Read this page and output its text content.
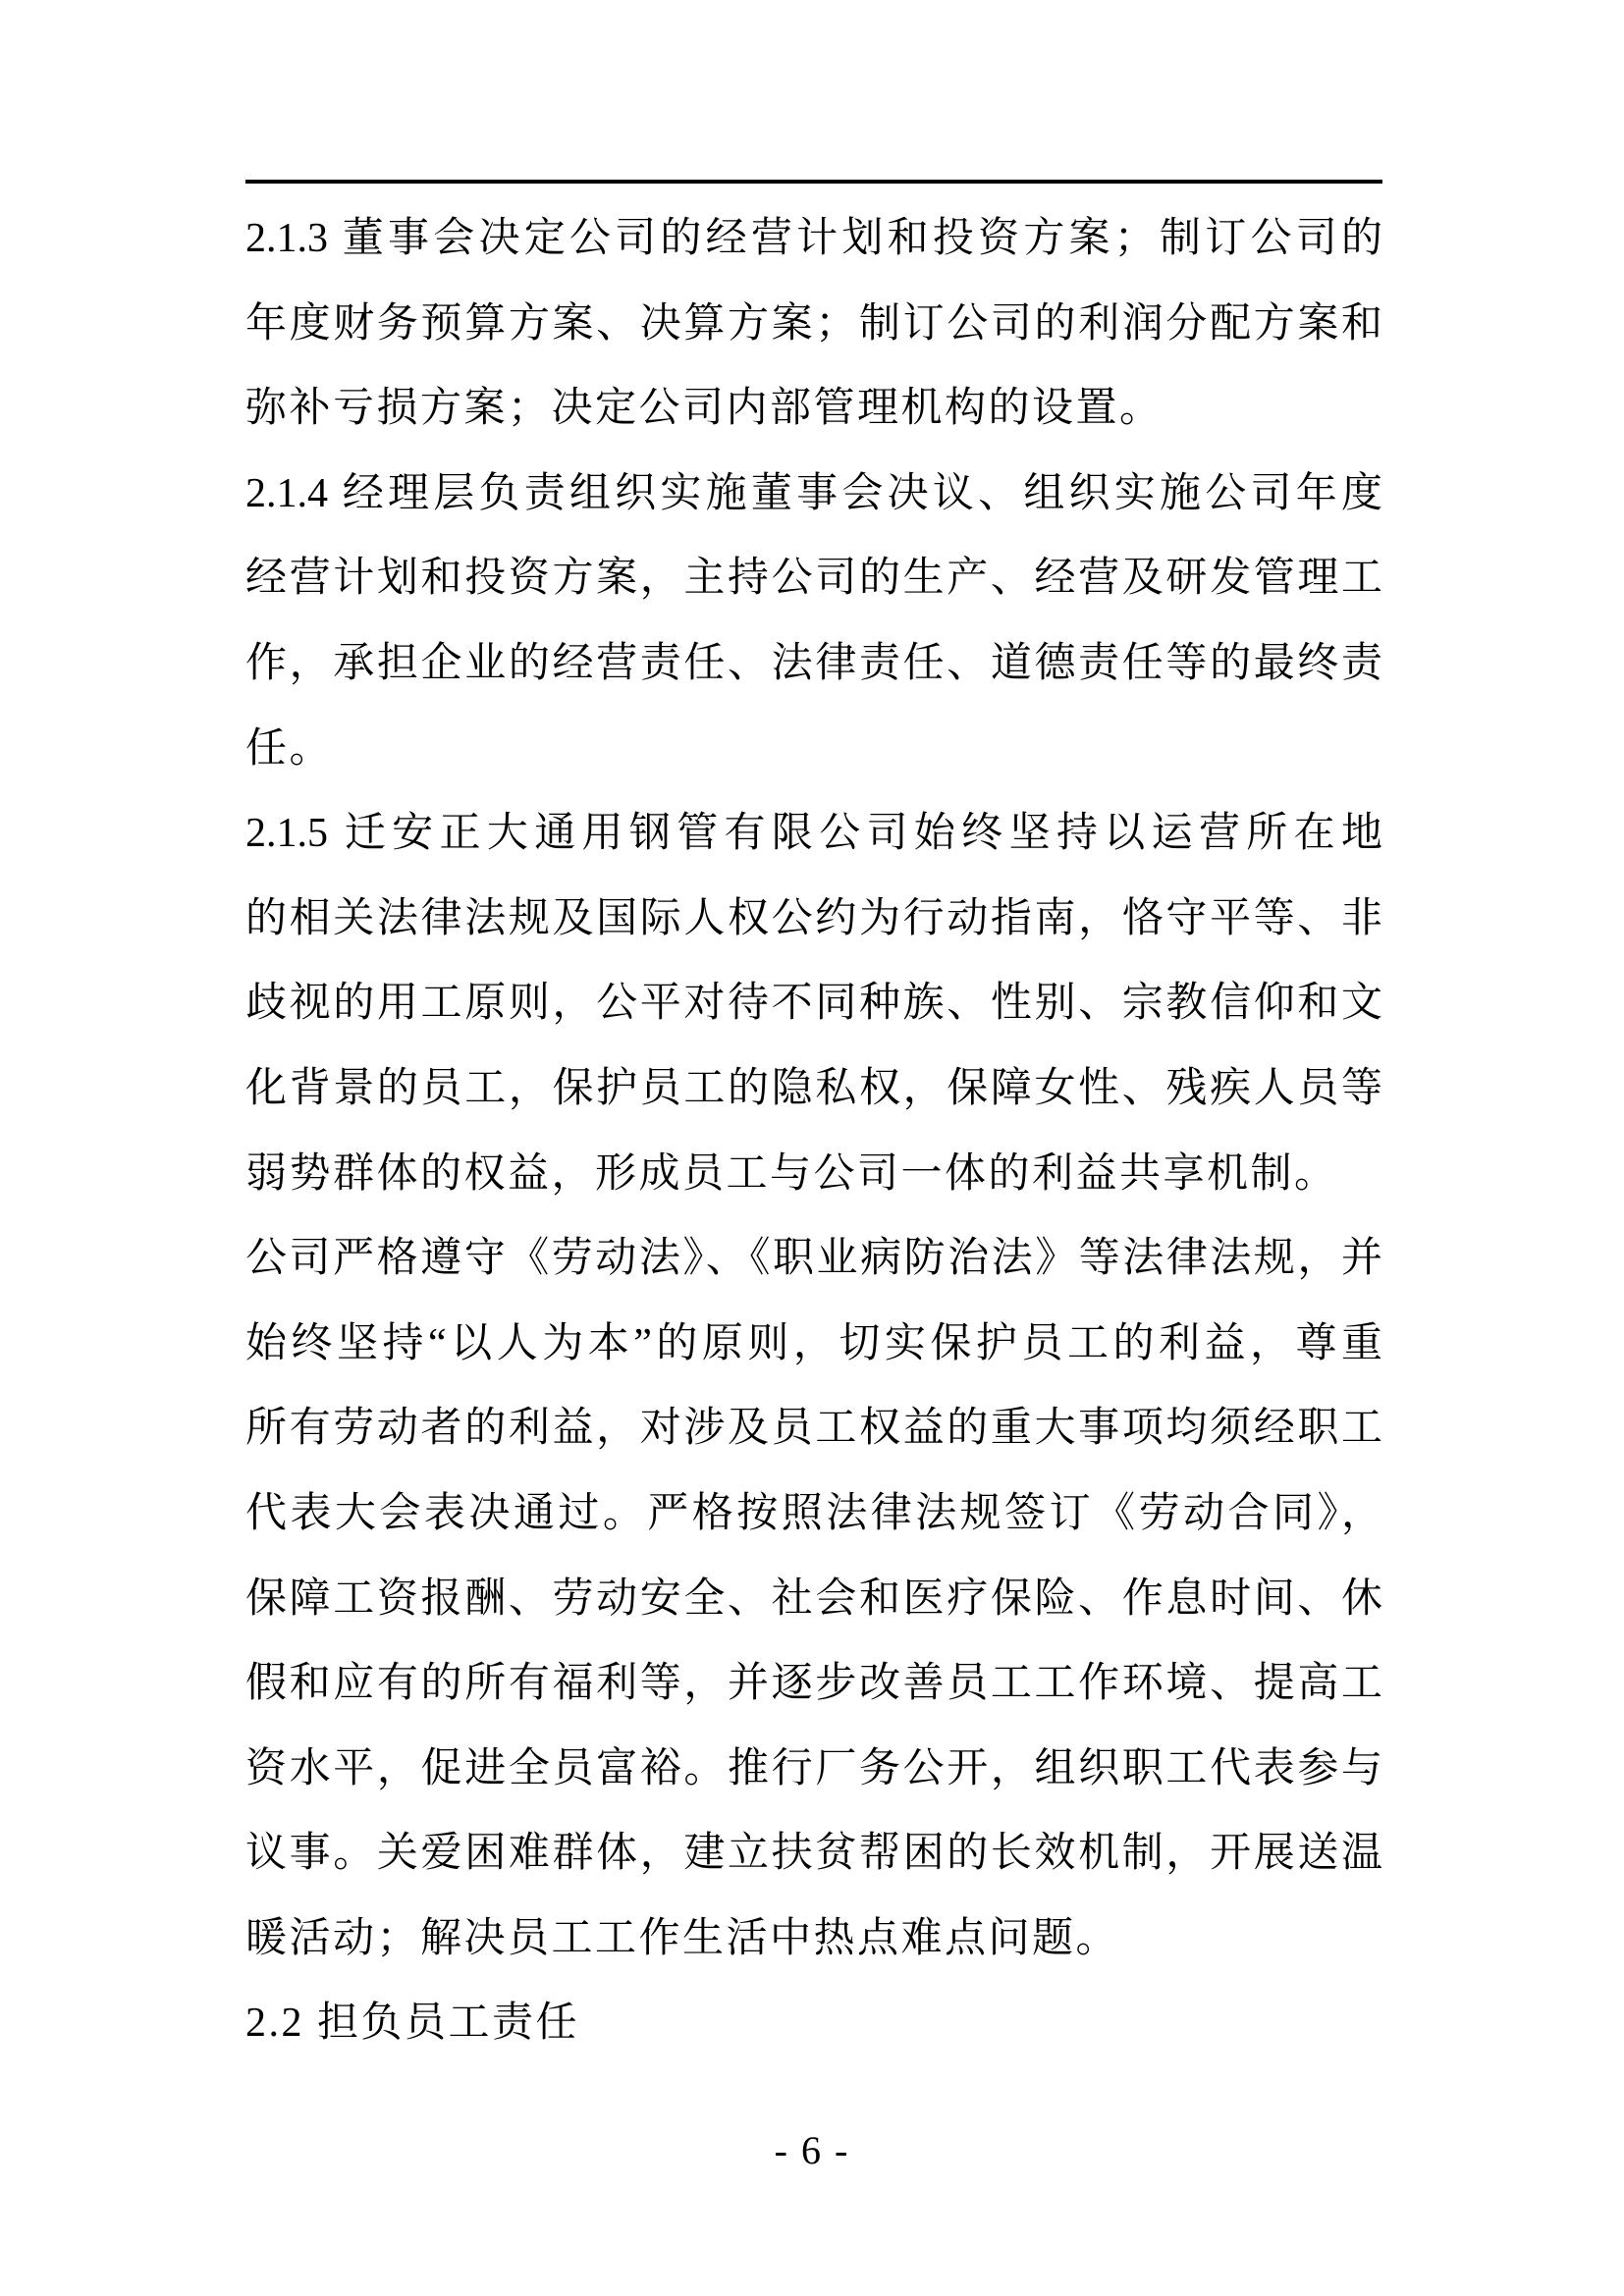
2.1.3 董事会决定公司的经营计划和投资方案；制订公司的
年度财务预算方案、决算方案；制订公司的利润分配方案和
弥补亏损方案；决定公司内部管理机构的设置。
2.1.4 经理层负责组织实施董事会决议、组织实施公司年度
经营计划和投资方案，主持公司的生产、经营及研发管理工
作，承担企业的经营责任、法律责任、道德责任等的最终责
任。
2.1.5 迁安正大通用钢管有限公司始终坚持以运营所在地
的相关法律法规及国际人权公约为行动指南，恪守平等、非
歧视的用工原则，公平对待不同种族、性别、宗教信仰和文
化背景的员工，保护员工的隐私权，保障女性、残疾人员等
弱势群体的权益，形成员工与公司一体的利益共享机制。
公司严格遵守《劳动法》、《职业病防治法》等法律法规，并
始终坚持“以人为本”的原则，切实保护员工的利益，尊重
所有劳动者的利益，对涉及员工权益的重大事项均须经职工
代表大会表决通过。严格按照法律法规签订《劳动合同》，
保障工资报酬、劳动安全、社会和医疗保险、作息时间、休
假和应有的所有福利等，并逐步改善员工工作环境、提高工
资水平，促进全员富裕。推行厂务公开，组织职工代表参与
议事。关爱困难群体，建立扶贫帮困的长效机制，开展送温
暖活动；解决员工工作生活中热点难点问题。
2.2 担负员工责任
- 6 -
